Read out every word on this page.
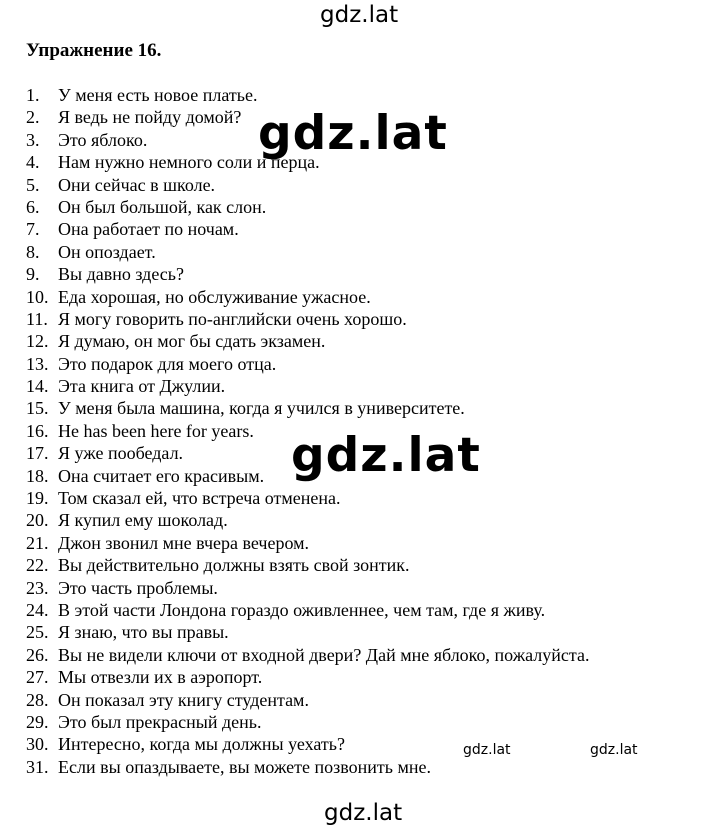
gdz.lat
Упражнение 16.
1.	У меня есть новое платье.
2.	Я ведь не пойду домой?
3.	Это яблоко.
4.	Нам нужно немного соли и перца.
5.	Они сейчас в школе.
6.	Он был большой, как слон.
7.	Она работает по ночам.
8.	Он опоздает.
9.	Вы давно здесь?
10. Еда хорошая, но обслуживание ужасное.
11. Я могу говорить по-английски очень хорошо.
12. Я думаю, он мог бы сдать экзамен.
13. Это подарок для моего отца.
14. Эта книга от Джулии.
15. У меня была машина, когда я учился в университете.
16. He has been here for years.
17. Я уже пообедал.
18. Она считает его красивым.
19. Том сказал ей, что встреча отменена.
20. Я купил ему шоколад.
21. Джон звонил мне вчера вечером.
22. Вы действительно должны взять свой зонтик.
23. Это часть проблемы.
24. В этой части Лондона гораздо оживленнее, чем там, где я живу.
25. Я знаю, что вы правы.
26. Вы не видели ключи от входной двери? Дай мне яблоко, пожалуйста.
27. Мы отвезли их в аэропорт.
28. Он показал эту книгу студентам.
29. Это был прекрасный день.
30. Интересно, когда мы должны уехать?
31. Если вы опаздываете, вы можете позвонить мне.
gdz.lat
gdz.lat
gdz.lat	gdz.lat
gdz.lat
